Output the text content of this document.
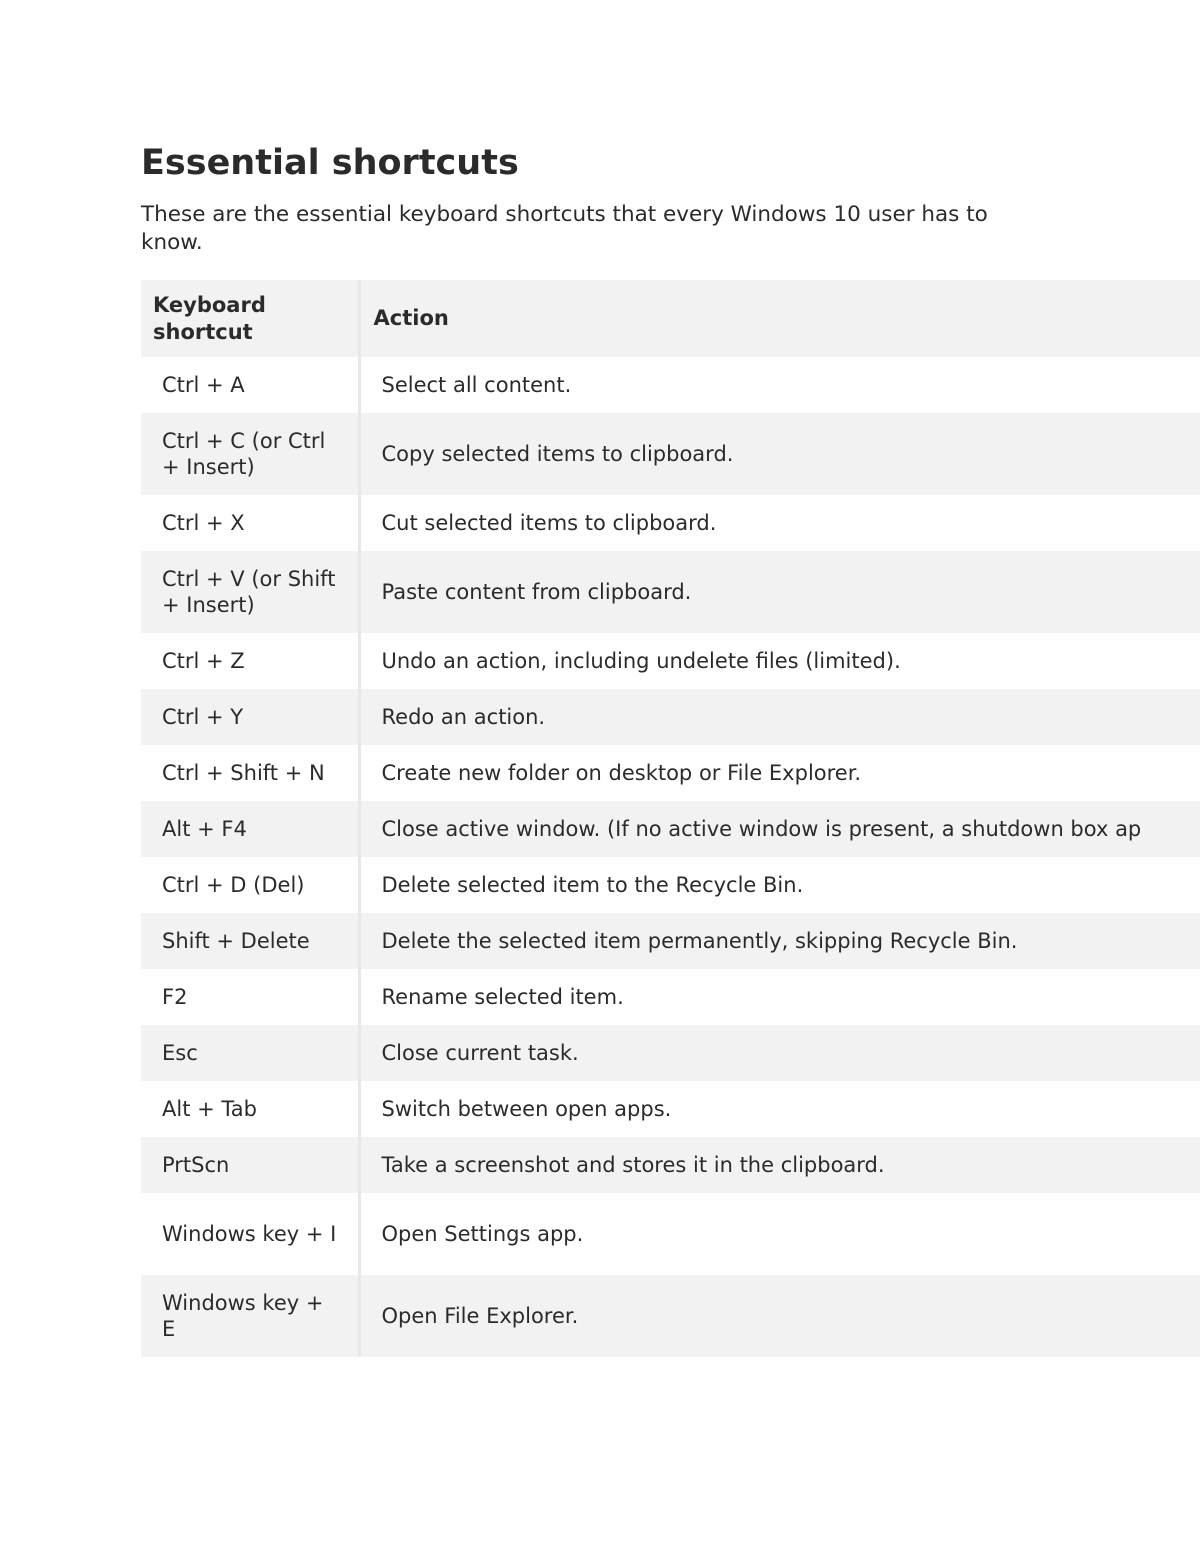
Essential shortcuts

These are the essential keyboard shortcuts that every Windows 10 user has to know.

Keyboard shortcut	Action
Ctrl + A	Select all content.
Ctrl + C (or Ctrl + Insert)	Copy selected items to clipboard.
Ctrl + X	Cut selected items to clipboard.
Ctrl + V (or Shift + Insert)	Paste content from clipboard.
Ctrl + Z	Undo an action, including undelete files (limited).
Ctrl + Y	Redo an action.
Ctrl + Shift + N	Create new folder on desktop or File Explorer.
Alt + F4	Close active window. (If no active window is present, a shutdown box ap
Ctrl + D (Del)	Delete selected item to the Recycle Bin.
Shift + Delete	Delete the selected item permanently, skipping Recycle Bin.
F2	Rename selected item.
Esc	Close current task.
Alt + Tab	Switch between open apps.
PrtScn	Take a screenshot and stores it in the clipboard.
Windows key + I	Open Settings app.
Windows key + E	Open File Explorer.
